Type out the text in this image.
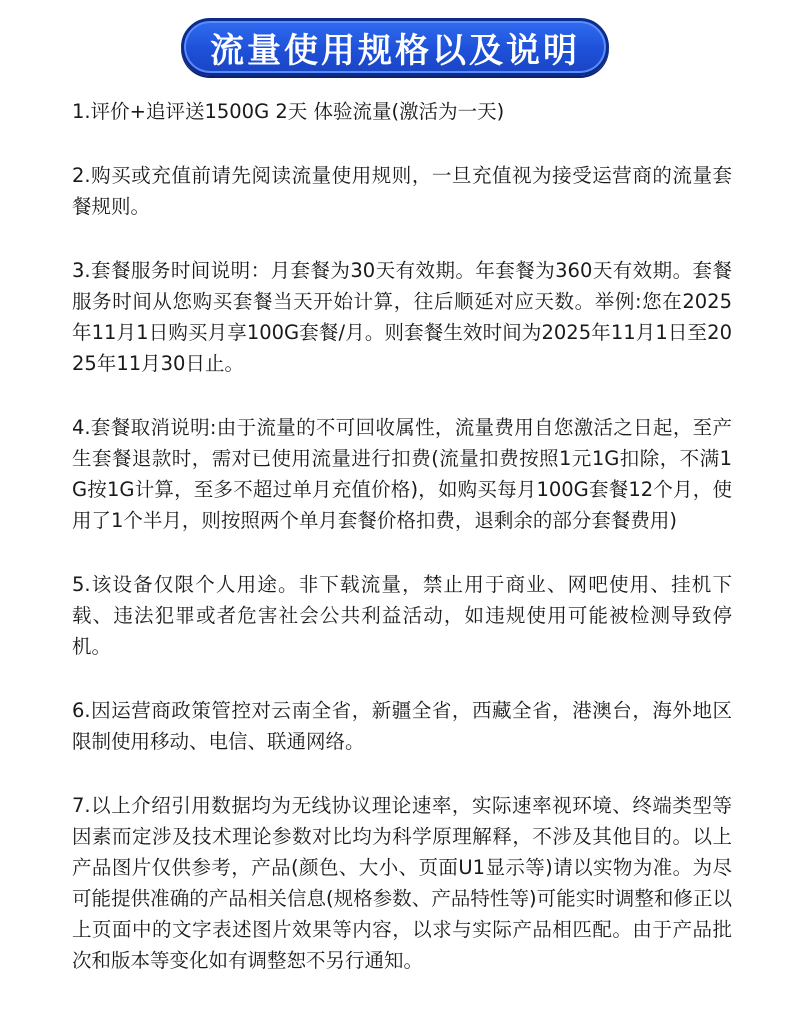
流量使用规格以及说明

1.评价+追评送1500G 2天 体验流量(激活为一天)

2.购买或充值前请先阅读流量使用规则，一旦充值视为接受运营商的流量套餐规则。

3.套餐服务时间说明：月套餐为30天有效期。年套餐为360天有效期。套餐服务时间从您购买套餐当天开始计算，往后顺延对应天数。举例:您在2025年11月1日购买月享100G套餐/月。则套餐生效时间为2025年11月1日至2025年11月30日止。

4.套餐取消说明:由于流量的不可回收属性，流量费用自您激活之日起，至产生套餐退款时，需对已使用流量进行扣费(流量扣费按照1元1G扣除，不满1G按1G计算，至多不超过单月充值价格)，如购买每月100G套餐12个月，使用了1个半月，则按照两个单月套餐价格扣费，退剩余的部分套餐费用)

5.该设备仅限个人用途。非下载流量，禁止用于商业、网吧使用、挂机下载、违法犯罪或者危害社会公共利益活动，如违规使用可能被检测导致停机。

6.因运营商政策管控对云南全省，新疆全省，西藏全省，港澳台，海外地区限制使用移动、电信、联通网络。

7.以上介绍引用数据均为无线协议理论速率，实际速率视环境、终端类型等因素而定涉及技术理论参数对比均为科学原理解释，不涉及其他目的。以上产品图片仅供参考，产品(颜色、大小、页面U1显示等)请以实物为准。为尽可能提供准确的产品相关信息(规格参数、产品特性等)可能实时调整和修正以上页面中的文字表述图片效果等内容，以求与实际产品相匹配。由于产品批次和版本等变化如有调整恕不另行通知。
